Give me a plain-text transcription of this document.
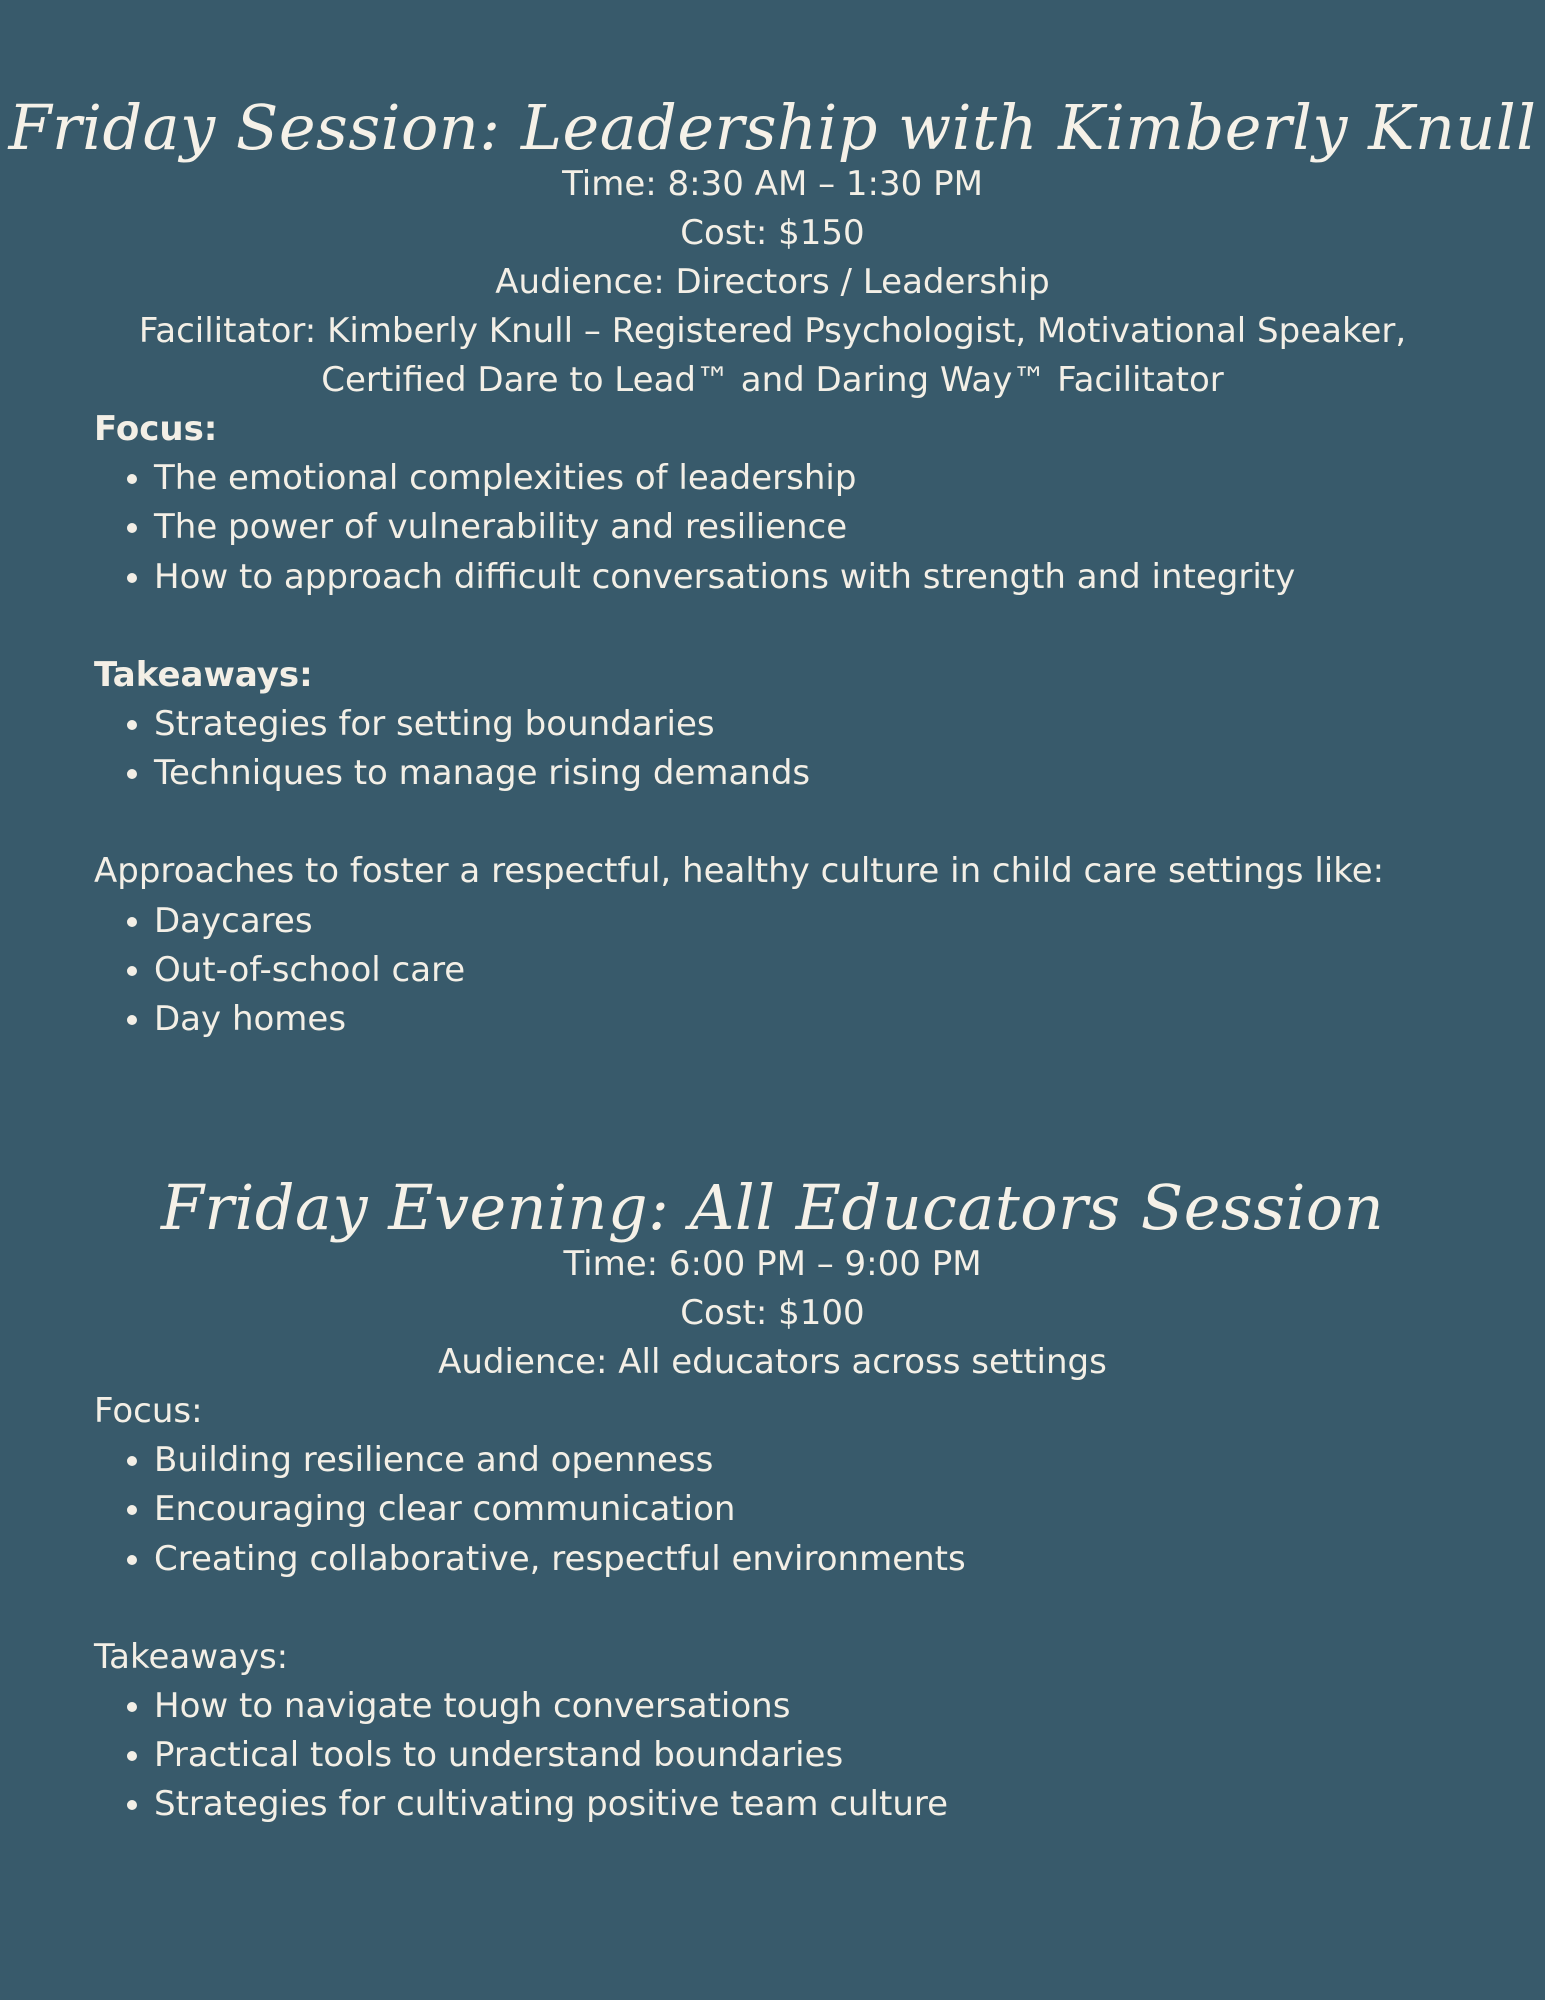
Friday Session: Leadership with Kimberly Knull

Time: 8:30 AM – 1:30 PM

Cost: $150

Audience: Directors / Leadership

Facilitator: Kimberly Knull – Registered Psychologist, Motivational Speaker,

Certified Dare to Lead™ and Daring Way™ Facilitator

Focus:

• The emotional complexities of leadership
• The power of vulnerability and resilience
• How to approach difficult conversations with strength and integrity

Takeaways:

• Strategies for setting boundaries
• Techniques to manage rising demands

Approaches to foster a respectful, healthy culture in child care settings like:

• Daycares
• Out-of-school care
• Day homes
Friday Evening: All Educators Session

Time: 6:00 PM – 9:00 PM

Cost: $100

Audience: All educators across settings

Focus:

• Building resilience and openness
• Encouraging clear communication
• Creating collaborative, respectful environments

Takeaways:

• How to navigate tough conversations
• Practical tools to understand boundaries
• Strategies for cultivating positive team culture
